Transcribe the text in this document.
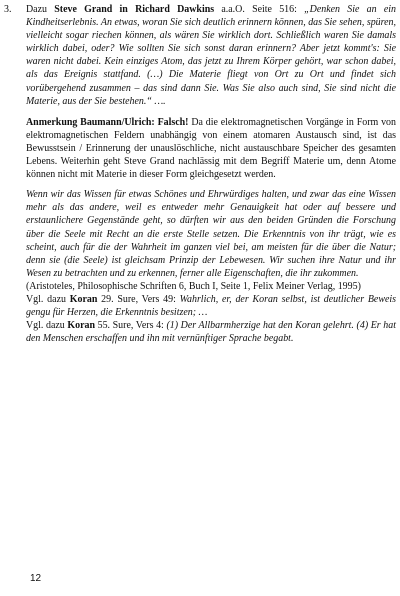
3.	Dazu Steve Grand in Richard Dawkins a.a.O. Seite 516: „Denken Sie an ein Kindheitserlebnis. An etwas, woran Sie sich deutlich erinnern können, das Sie sehen, spüren, vielleicht sogar riechen können, als wären Sie wirklich dort. Schließlich waren Sie damals wirklich dabei, oder? Wie sollten Sie sich sonst daran erinnern? Aber jetzt kommt's: Sie waren nicht dabei. Kein einziges Atom, das jetzt zu Ihrem Körper gehört, war schon dabei, als das Ereignis stattfand. (…) Die Materie fliegt von Ort zu Ort und findet sich vorübergehend zusammen – das sind dann Sie. Was Sie also auch sind, Sie sind nicht die Materie, aus der Sie bestehen.“ ….

Anmerkung Baumann/Ulrich: Falsch! Da die elektromagnetischen Vorgänge in Form von elektromagnetischen Feldern unabhängig von einem atomaren Austausch sind, ist das Bewusstsein / Erinnerung der unauslöschliche, nicht austauschbare Speicher des gesamten Lebens. Weiterhin geht Steve Grand nachlässig mit dem Begriff Materie um, denn Atome können nicht mit Materie in dieser Form gleichgesetzt werden.

Wenn wir das Wissen für etwas Schönes und Ehrwürdiges halten, und zwar das eine Wissen mehr als das andere, weil es entweder mehr Genauigkeit hat oder auf bessere und erstaunlichere Gegenstände geht, so dürften wir aus den beiden Gründen die Forschung über die Seele mit Recht an die erste Stelle setzen. Die Erkenntnis von ihr trägt, wie es scheint, auch für die der Wahrheit im ganzen viel bei, am meisten für die über die Natur; denn sie (die Seele) ist gleichsam Prinzip der Lebewesen. Wir suchen ihre Natur und ihr Wesen zu betrachten und zu erkennen, ferner alle Eigenschaften, die ihr zukommen.

(Aristoteles, Philosophische Schriften 6, Buch I, Seite 1, Felix Meiner Verlag, 1995)

Vgl. dazu Koran 29. Sure, Vers 49: Wahrlich, er, der Koran selbst, ist deutlicher Beweis gengu für Herzen, die Erkenntnis besitzen; …

Vgl. dazu Koran 55. Sure, Vers 4: (1) Der Allbarmherzige hat den Koran gelehrt. (4) Er hat den Menschen erschaffen und ihn mit vernünftiger Sprache begabt.

12
